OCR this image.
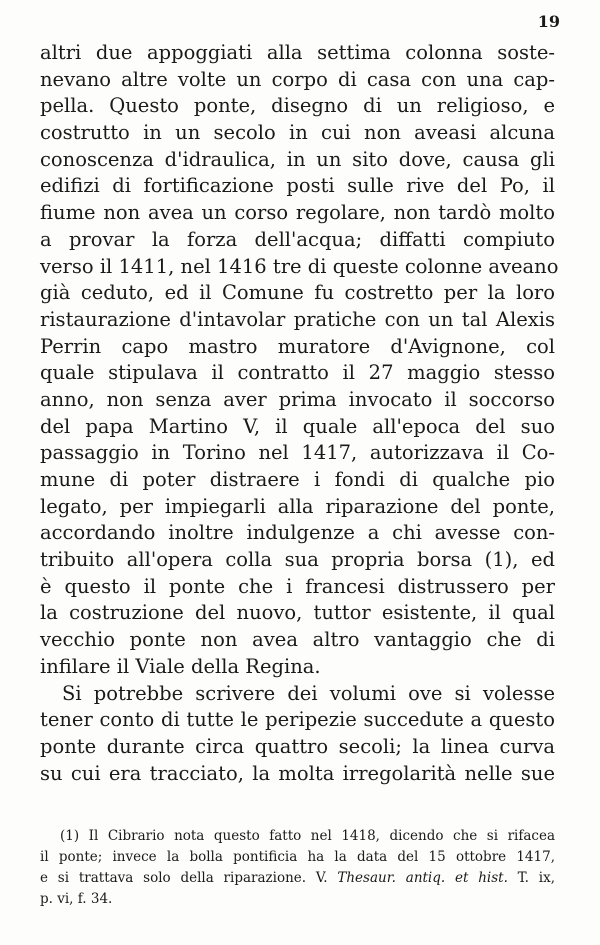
19
altri due appoggiati alla settima colonna soste-
nevano altre volte un corpo di casa con una cap-
pella. Questo ponte, disegno di un religioso, e
costrutto in un secolo in cui non aveasi alcuna
conoscenza d'idraulica, in un sito dove, causa gli
edifizi di fortificazione posti sulle rive del Po, il
fiume non avea un corso regolare, non tardò molto
a provar la forza dell'acqua; diffatti compiuto
verso il 1411, nel 1416 tre di queste colonne aveano
già ceduto, ed il Comune fu costretto per la loro
ristaurazione d'intavolar pratiche con un tal Alexis
Perrin capo mastro muratore d'Avignone, col
quale stipulava il contratto il 27 maggio stesso
anno, non senza aver prima invocato il soccorso
del papa Martino V, il quale all'epoca del suo
passaggio in Torino nel 1417, autorizzava il Co-
mune di poter distraere i fondi di qualche pio
legato, per impiegarli alla riparazione del ponte,
accordando inoltre indulgenze a chi avesse con-
tribuito all'opera colla sua propria borsa (1), ed
è questo il ponte che i francesi distrussero per
la costruzione del nuovo, tuttor esistente, il qual
vecchio ponte non avea altro vantaggio che di
infilare il Viale della Regina.
Si potrebbe scrivere dei volumi ove si volesse
tener conto di tutte le peripezie succedute a questo
ponte durante circa quattro secoli; la linea curva
su cui era tracciato, la molta irregolarità nelle sue
(1) Il Cibrario nota questo fatto nel 1418, dicendo che si rifacea
il ponte; invece la bolla pontificia ha la data del 15 ottobre 1417,
e si trattava solo della riparazione. V. Thesaur. antiq. et hist. T. ix,
p. vi, f. 34.
